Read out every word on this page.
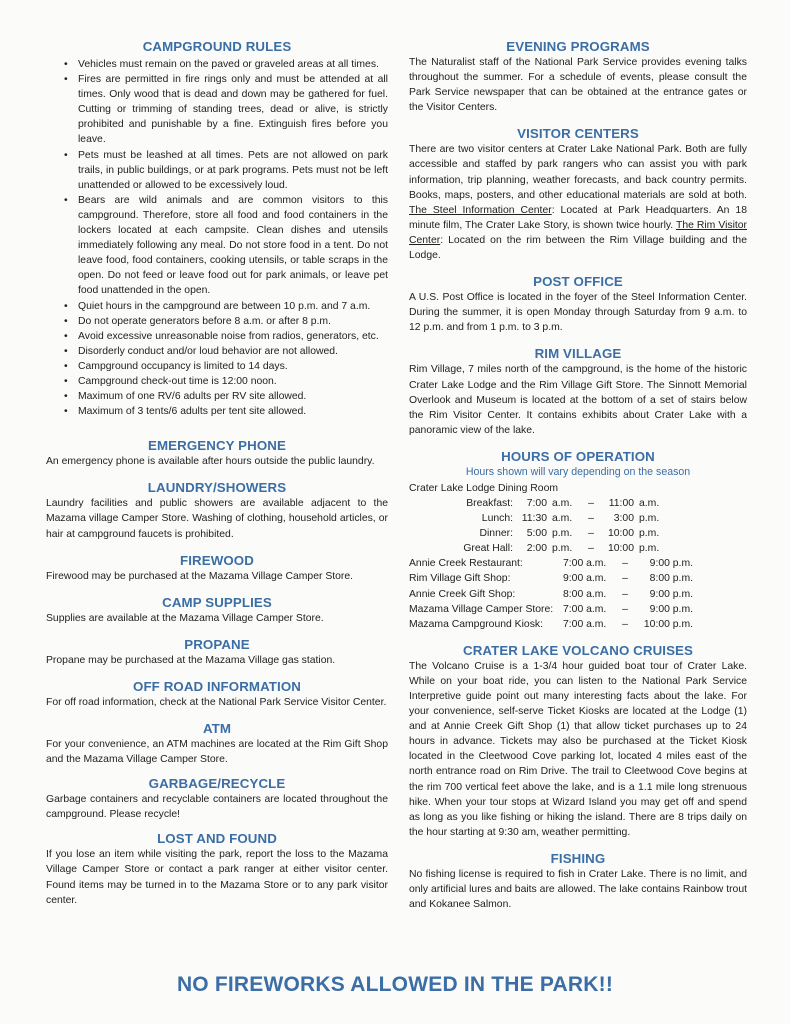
CAMPGROUND RULES
• Vehicles must remain on the paved or graveled areas at all times.
• Fires are permitted in fire rings only and must be attended at all times. Only wood that is dead and down may be gathered for fuel. Cutting or trimming of standing trees, dead or alive, is strictly prohibited and punishable by a fine. Extinguish fires before you leave.
• Pets must be leashed at all times. Pets are not allowed on park trails, in public buildings, or at park programs. Pets must not be left unattended or allowed to be excessively loud.
• Bears are wild animals and are common visitors to this campground. Therefore, store all food and food containers in the lockers located at each campsite. Clean dishes and utensils immediately following any meal. Do not store food in a tent. Do not leave food, food containers, cooking utensils, or table scraps in the open. Do not feed or leave food out for park animals, or leave pet food unattended in the open.
• Quiet hours in the campground are between 10 p.m. and 7 a.m.
• Do not operate generators before 8 a.m. or after 8 p.m.
• Avoid excessive unreasonable noise from radios, generators, etc.
• Disorderly conduct and/or loud behavior are not allowed.
• Campground occupancy is limited to 14 days.
• Campground check-out time is 12:00 noon.
• Maximum of one RV/6 adults per RV site allowed.
• Maximum of 3 tents/6 adults per tent site allowed.
EMERGENCY PHONE

An emergency phone is available after hours outside the public laundry.

LAUNDRY/SHOWERS

Laundry facilities and public showers are available adjacent to the Mazama village Camper Store. Washing of clothing, household articles, or hair at campground faucets is prohibited.

FIREWOOD

Firewood may be purchased at the Mazama Village Camper Store.

CAMP SUPPLIES

Supplies are available at the Mazama Village Camper Store.

PROPANE

Propane may be purchased at the Mazama Village gas station.

OFF ROAD INFORMATION

For off road information, check at the National Park Service Visitor Center.

ATM

For your convenience, an ATM machines are located at the Rim Gift Shop and the Mazama Village Camper Store.

GARBAGE/RECYCLE

Garbage containers and recyclable containers are located throughout the campground. Please recycle!

LOST AND FOUND

If you lose an item while visiting the park, report the loss to the Mazama Village Camper Store or contact a park ranger at either visitor center. Found items may be turned in to the Mazama Store or to any park visitor center.

EVENING PROGRAMS

The Naturalist staff of the National Park Service provides evening talks throughout the summer. For a schedule of events, please consult the Park Service newspaper that can be obtained at the entrance gates or the Visitor Centers.

VISITOR CENTERS

There are two visitor centers at Crater Lake National Park. Both are fully accessible and staffed by park rangers who can assist you with park information, trip planning, weather forecasts, and back country permits. Books, maps, posters, and other educational materials are sold at both. The Steel Information Center: Located at Park Headquarters. An 18 minute film, The Crater Lake Story, is shown twice hourly. The Rim Visitor Center: Located on the rim between the Rim Village building and the Lodge.

POST OFFICE

A U.S. Post Office is located in the foyer of the Steel Information Center. During the summer, it is open Monday through Saturday from 9 a.m. to 12 p.m. and from 1 p.m. to 3 p.m.

RIM VILLAGE

Rim Village, 7 miles north of the campground, is the home of the historic Crater Lake Lodge and the Rim Village Gift Store. The Sinnott Memorial Overlook and Museum is located at the bottom of a set of stairs below the Rim Visitor Center. It contains exhibits about Crater Lake with a panoramic view of the lake.

HOURS OF OPERATION

Hours shown will vary depending on the season

Crater Lake Lodge Dining Room

Breakfast:	7:00	a.m.	–	11:00	a.m.
Lunch:	11:30	a.m.	–	3:00	p.m.
Dinner:	5:00	p.m.	–	10:00	p.m.
Great Hall:	2:00	p.m.	–	10:00	p.m.
Annie Creek Restaurant:	7:00 a.m.	–	9:00 p.m.
Rim Village Gift Shop:	9:00 a.m.	–	8:00 p.m.
Annie Creek Gift Shop:	8:00 a.m.	–	9:00 p.m.
Mazama Village Camper Store:	7:00 a.m.	–	9:00 p.m.
Mazama Campground Kiosk:	7:00 a.m.	–	10:00 p.m.
CRATER LAKE VOLCANO CRUISES

The Volcano Cruise is a 1-3/4 hour guided boat tour of Crater Lake. While on your boat ride, you can listen to the National Park Service Interpretive guide point out many interesting facts about the lake. For your convenience, self-serve Ticket Kiosks are located at the Lodge (1) and at Annie Creek Gift Shop (1) that allow ticket purchases up to 24 hours in advance. Tickets may also be purchased at the Ticket Kiosk located in the Cleetwood Cove parking lot, located 4 miles east of the north entrance road on Rim Drive. The trail to Cleetwood Cove begins at the rim 700 vertical feet above the lake, and is a 1.1 mile long strenuous hike. When your tour stops at Wizard Island you may get off and spend as long as you like fishing or hiking the island. There are 8 trips daily on the hour starting at 9:30 am, weather permitting.

FISHING

No fishing license is required to fish in Crater Lake. There is no limit, and only artificial lures and baits are allowed. The lake contains Rainbow trout and Kokanee Salmon.

NO FIREWORKS ALLOWED IN THE PARK!!
